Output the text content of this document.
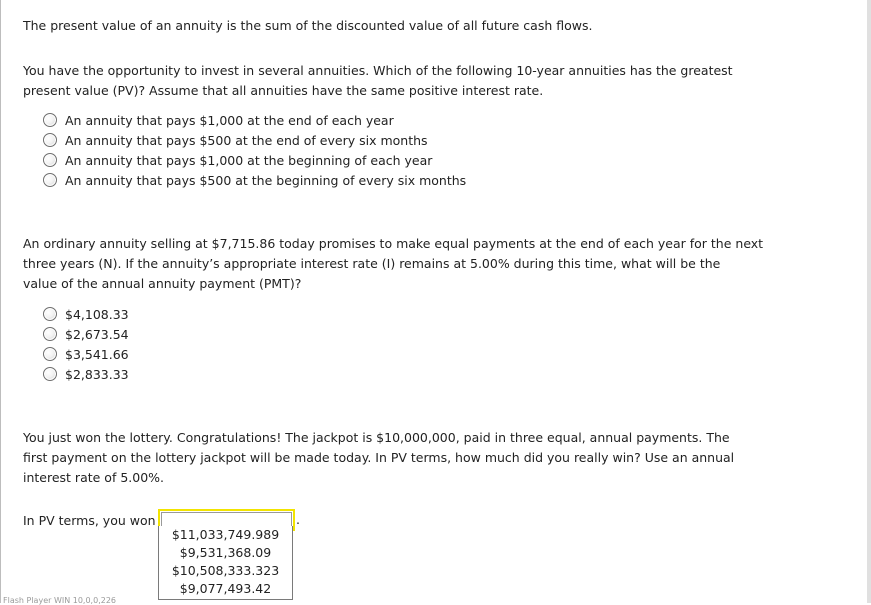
The present value of an annuity is the sum of the discounted value of all future cash flows.
You have the opportunity to invest in several annuities. Which of the following 10-year annuities has the greatest
present value (PV)? Assume that all annuities have the same positive interest rate.
An annuity that pays $1,000 at the end of each year
An annuity that pays $500 at the end of every six months
An annuity that pays $1,000 at the beginning of each year
An annuity that pays $500 at the beginning of every six months
An ordinary annuity selling at $7,715.86 today promises to make equal payments at the end of each year for the next
three years (N). If the annuity’s appropriate interest rate (I) remains at 5.00% during this time, what will be the
value of the annual annuity payment (PMT)?
$4,108.33
$2,673.54
$3,541.66
$2,833.33
You just won the lottery. Congratulations! The jackpot is $10,000,000, paid in three equal, annual payments. The
first payment on the lottery jackpot will be made today. In PV terms, how much did you really win? Use an annual
interest rate of 5.00%.
In PV terms, you won	.
$11,033,749.989
$9,531,368.09
$10,508,333.323
$9,077,493.42
Flash Player WIN 10,0,0,226
